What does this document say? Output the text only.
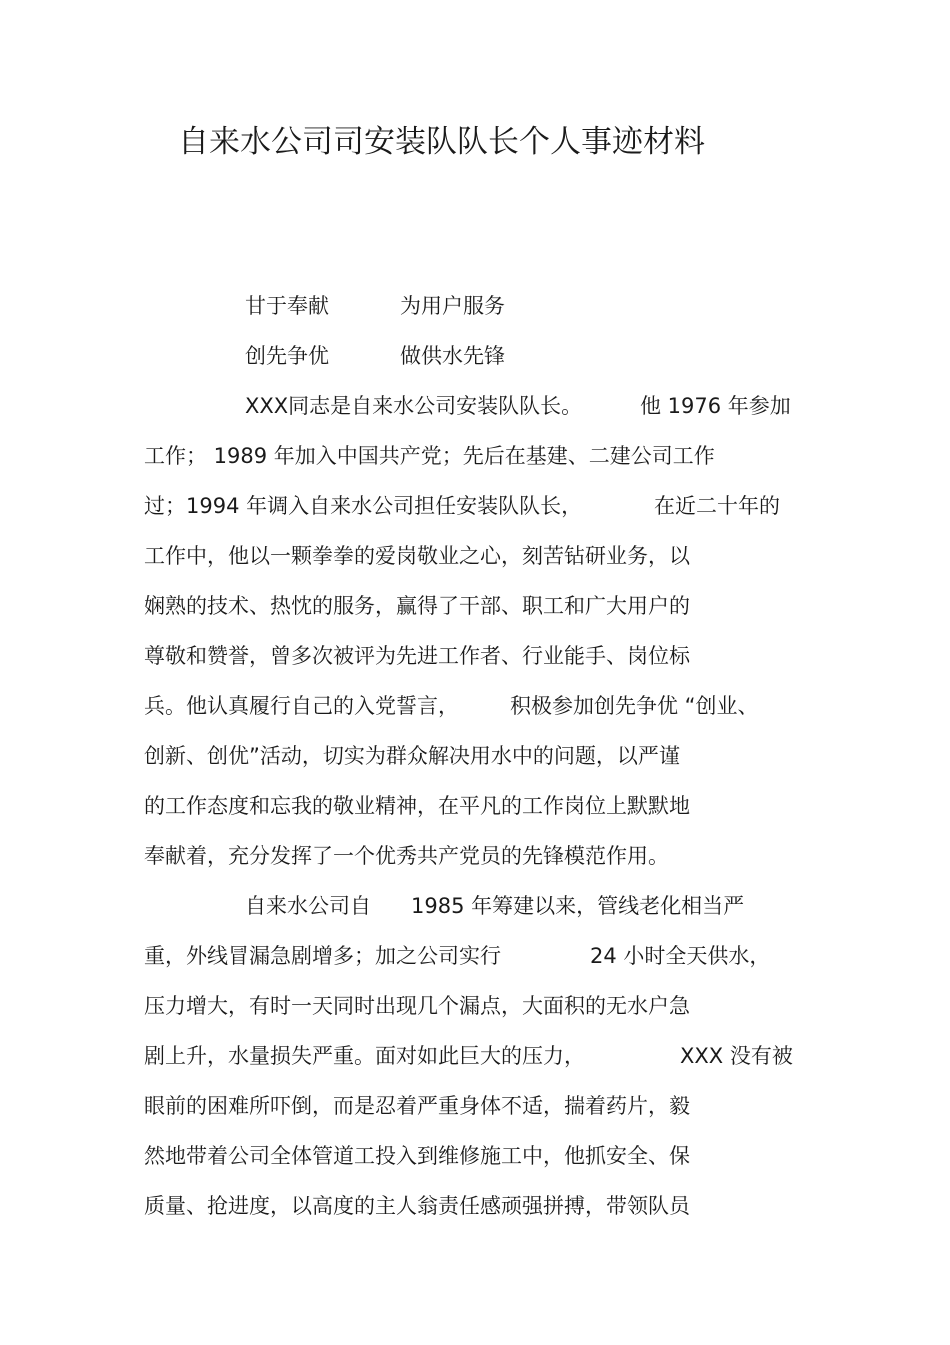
自来水公司司安装队队长个人事迹材料
甘于奉献	为用户服务
创先争优	做供水先锋
XXX同志是自来水公司安装队队长。	他 1976 年参加
工作； 1989 年加入中国共产党；先后在基建、二建公司工作
过；1994 年调入自来水公司担任安装队队长，	在近二十年的
工作中，他以一颗拳拳的爱岗敬业之心，刻苦钻研业务，以
娴熟的技术、热忱的服务，赢得了干部、职工和广大用户的
尊敬和赞誉，曾多次被评为先进工作者、行业能手、岗位标
兵。他认真履行自己的入党誓言， 积极参加创先争优 “创业、
创新、创优”活动，切实为群众解决用水中的问题，以严谨
的工作态度和忘我的敬业精神，在平凡的工作岗位上默默地
奉献着，充分发挥了一个优秀共产党员的先锋模范作用。
自来水公司自 1985 年筹建以来，管线老化相当严
重，外线冒漏急剧增多；加之公司实行	24 小时全天供水，
压力增大，有时一天同时出现几个漏点，大面积的无水户急
剧上升，水量损失严重。面对如此巨大的压力，	XXX 没有被
眼前的困难所吓倒，而是忍着严重身体不适，揣着药片，毅
然地带着公司全体管道工投入到维修施工中，他抓安全、保
质量、抢进度，以高度的主人翁责任感顽强拼搏，带领队员
